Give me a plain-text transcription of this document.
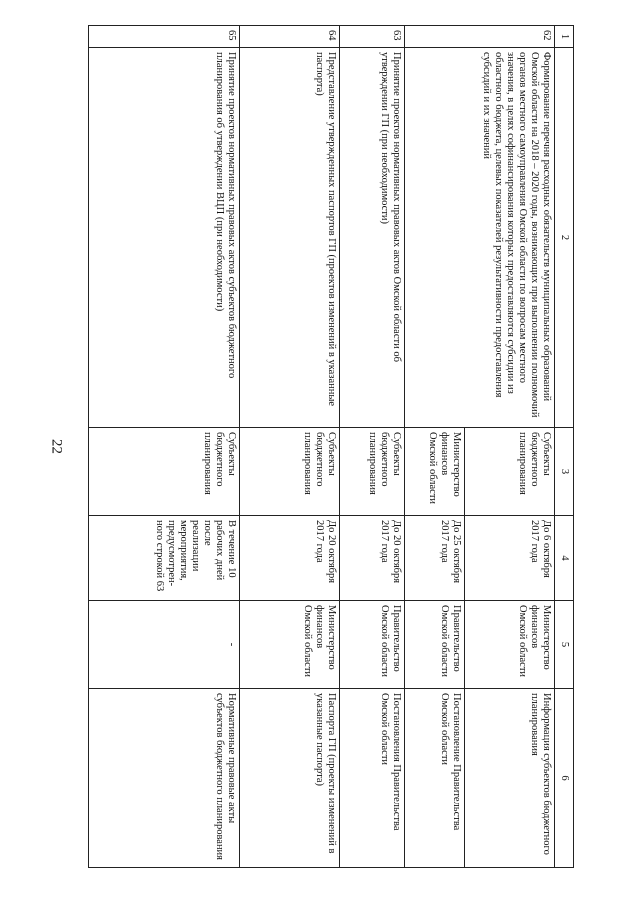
22
1	2	3	4	5	6
62	Формирование перечня расходных обязательств муниципальных образований Омской области на 2018 – 2020 годы, возникающих при выполнении полномочий органов местного самоуправления Омской области по вопросам местного значения, в целях софинансирования которых предоставляются субсидии из областного бюджета, целевых показателей результативности предоставления субсидий и их значений	Субъекты бюджетного планирования	До 6 октября 2017 года	Министерство финансов Омской области	Информация субъектов бюджетного планирования
		Министерство финансов Омской области	До 25 октября 2017 года	Правительство Омской области	Постановление Правительства Омской области
63	Принятие проектов нормативных правовых актов Омской области об утверждении ГП (при необходимости)	Субъекты бюджетного планирования	До 20 октября 2017 года	Правительство Омской области	Постановления Правительства Омской области
64	Представление утвержденных паспортов ГП (проектов изменений в указанные паспорта)	Субъекты бюджетного планирования	До 20 октября 2017 года	Министерство финансов Омской области	Паспорта ГП (проекты изменений в указанные паспорта)
65	Принятие проектов нормативных правовых актов субъектов бюджетного планирования об утверждении ВЦП (при необходимости)	Субъекты бюджетного планирования	В течение 10 рабочих дней после реализации мероприятия, предусмотрен-ного строкой 63	-	Нормативные правовые акты субъектов бюджетного планирования
